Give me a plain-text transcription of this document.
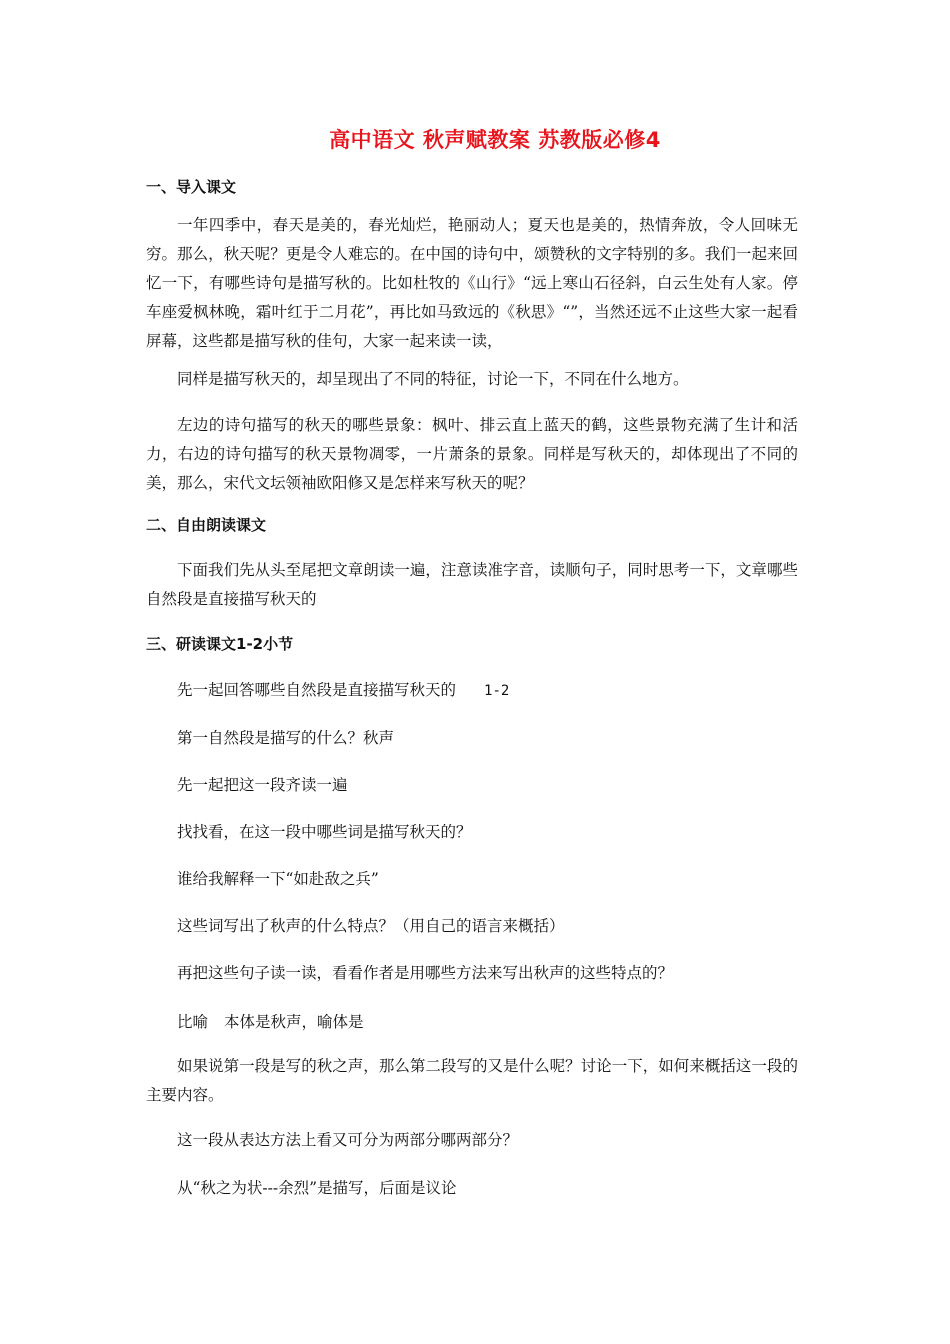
高中语文 秋声赋教案 苏教版必修4
一、导入课文
一年四季中，春天是美的，春光灿烂，艳丽动人；夏天也是美的，热情奔放，令人回味无穷。那么，秋天呢？更是令人难忘的。在中国的诗句中，颂赞秋的文字特别的多。我们一起来回忆一下，有哪些诗句是描写秋的。比如杜牧的《山行》“远上寒山石径斜，白云生处有人家。停车座爱枫林晚，霜叶红于二月花”，再比如马致远的《秋思》“”，当然还远不止这些大家一起看屏幕，这些都是描写秋的佳句，大家一起来读一读，
同样是描写秋天的，却呈现出了不同的特征，讨论一下，不同在什么地方。
左边的诗句描写的秋天的哪些景象：枫叶、排云直上蓝天的鹤，这些景物充满了生计和活力，右边的诗句描写的秋天景物凋零，一片萧条的景象。同样是写秋天的，却体现出了不同的美，那么，宋代文坛领袖欧阳修又是怎样来写秋天的呢？
二、自由朗读课文
下面我们先从头至尾把文章朗读一遍，注意读准字音，读顺句子，同时思考一下，文章哪些自然段是直接描写秋天的
三、研读课文1-2小节
先一起回答哪些自然段是直接描写秋天的 1-2
第一自然段是描写的什么？秋声
先一起把这一段齐读一遍
找找看，在这一段中哪些词是描写秋天的？
谁给我解释一下“如赴敌之兵”
这些词写出了秋声的什么特点？（用自己的语言来概括）
再把这些句子读一读，看看作者是用哪些方法来写出秋声的这些特点的？
比喻 本体是秋声，喻体是
如果说第一段是写的秋之声，那么第二段写的又是什么呢？讨论一下，如何来概括这一段的主要内容。
这一段从表达方法上看又可分为两部分哪两部分？
从“秋之为状---余烈”是描写，后面是议论
